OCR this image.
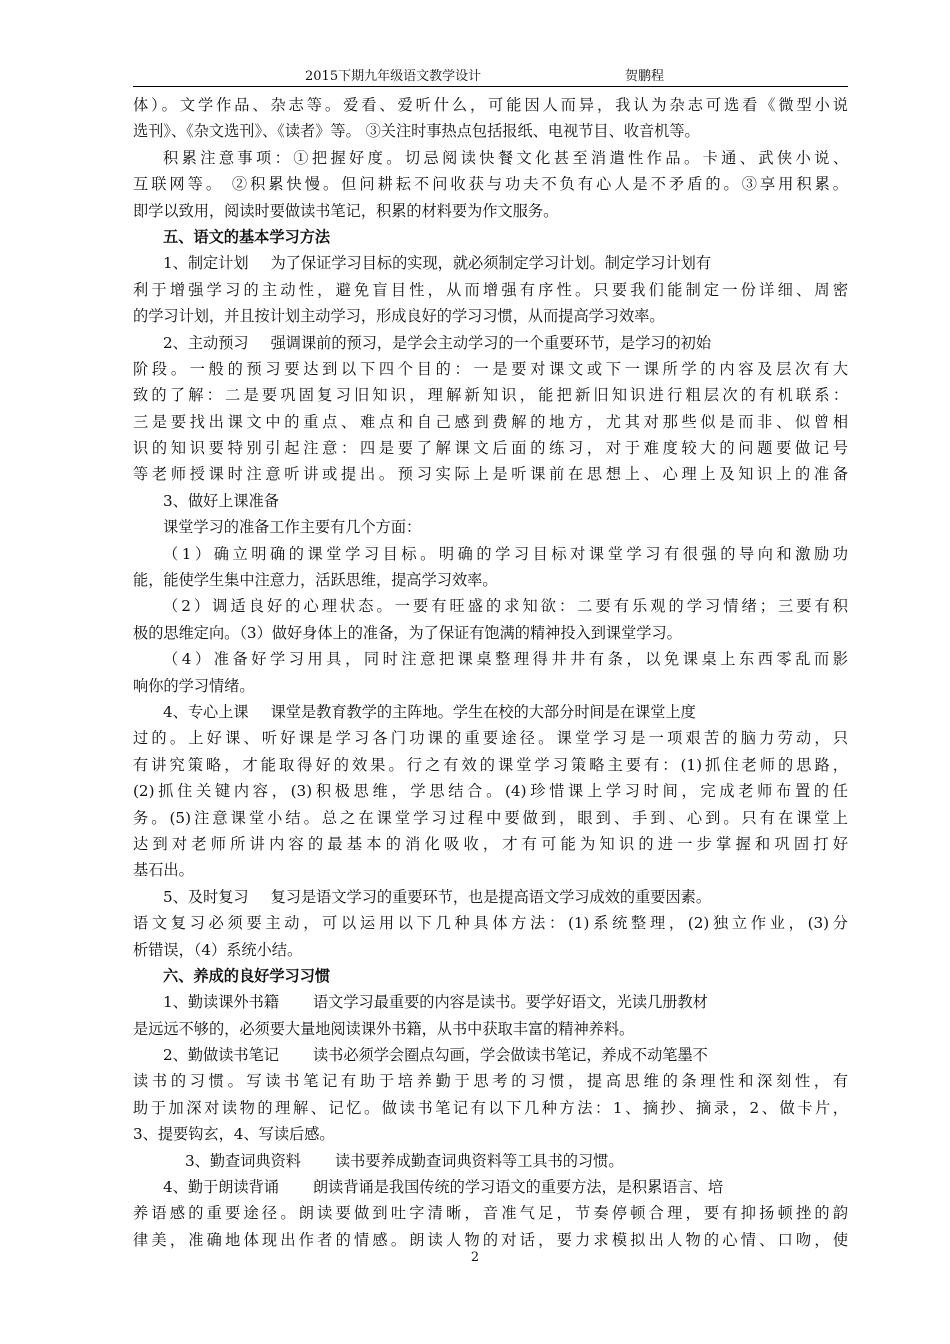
2015下期九年级语文教学设计	贺鹏程
体）。文学作品、杂志等。爱看、爱听什么，可能因人而异，我认为杂志可选看《微型小说
选刊》、《杂文选刊》、《读者》等。 ③关注时事热点包括报纸、电视节目、收音机等。
积累注意事项：①把握好度。切忌阅读快餐文化甚至消遣性作品。卡通、武侠小说、
互联网等。 ②积累快慢。但问耕耘不问收获与功夫不负有心人是不矛盾的。③享用积累。
即学以致用，阅读时要做读书笔记，积累的材料要为作文服务。
五、语文的基本学习方法
1、制定计划 为了保证学习目标的实现，就必须制定学习计划。制定学习计划有
利于增强学习的主动性，避免盲目性，从而增强有序性。只要我们能制定一份详细、周密
的学习计划，并且按计划主动学习，形成良好的学习习惯，从而提高学习效率。
2、主动预习 强调课前的预习，是学会主动学习的一个重要环节，是学习的初始
阶段。一般的预习要达到以下四个目的：一是要对课文或下一课所学的内容及层次有大
致的了解：二是要巩固复习旧知识，理解新知识，能把新旧知识进行粗层次的有机联系：
三是要找出课文中的重点、难点和自己感到费解的地方，尤其对那些似是而非、似曾相
识的知识要特别引起注意：四是要了解课文后面的练习，对于难度较大的问题要做记号
等老师授课时注意听讲或提出。预习实际上是听课前在思想上、心理上及知识上的准备
3、做好上课准备
课堂学习的准备工作主要有几个方面：
（1）确立明确的课堂学习目标。明确的学习目标对课堂学习有很强的导向和激励功
能，能使学生集中注意力，活跃思维，提高学习效率。
（2）调适良好的心理状态。一要有旺盛的求知欲：二要有乐观的学习情绪；三要有积
极的思维定向。（3）做好身体上的准备，为了保证有饱满的精神投入到课堂学习。
（4）准备好学习用具，同时注意把课桌整理得井井有条，以免课桌上东西零乱而影
响你的学习情绪。
4、专心上课 课堂是教育教学的主阵地。学生在校的大部分时间是在课堂上度
过的。上好课、听好课是学习各门功课的重要途径。课堂学习是一项艰苦的脑力劳动，只
有讲究策略，才能取得好的效果。行之有效的课堂学习策略主要有：(1)抓住老师的思路，
(2)抓住关键内容，(3)积极思维，学思结合。(4)珍惜课上学习时间，完成老师布置的任
务。(5)注意课堂小结。总之在课堂学习过程中要做到，眼到、手到、心到。只有在课堂上
达到对老师所讲内容的最基本的消化吸收，才有可能为知识的进一步掌握和巩固打好
基石出。
5、及时复习 复习是语文学习的重要环节，也是提高语文学习成效的重要因素。
语文复习必须要主动，可以运用以下几种具体方法：(1)系统整理，(2)独立作业，(3)分
析错误，（4）系统小结。
六、养成的良好学习习惯
1、勤读课外书籍 语文学习最重要的内容是读书。要学好语文，光读几册教材
是远远不够的，必须要大量地阅读课外书籍，从书中获取丰富的精神养料。
2、勤做读书笔记 读书必须学会圈点勾画，学会做读书笔记，养成不动笔墨不
读书的习惯。写读书笔记有助于培养勤于思考的习惯，提高思维的条理性和深刻性，有
助于加深对读物的理解、记忆。做读书笔记有以下几种方法：1、摘抄、摘录，2、做卡片，
3、提要钩玄，4、写读后感。
3、勤查词典资料 读书要养成勤查词典资料等工具书的习惯。
4、勤于朗读背诵 朗读背诵是我国传统的学习语文的重要方法，是积累语言、培
养语感的重要途径。朗读要做到吐字清晰，音准气足，节奏停顿合理，要有抑扬顿挫的韵
律美，准确地体现出作者的情感。朗读人物的对话，要力求模拟出人物的心情、口吻，使
2
